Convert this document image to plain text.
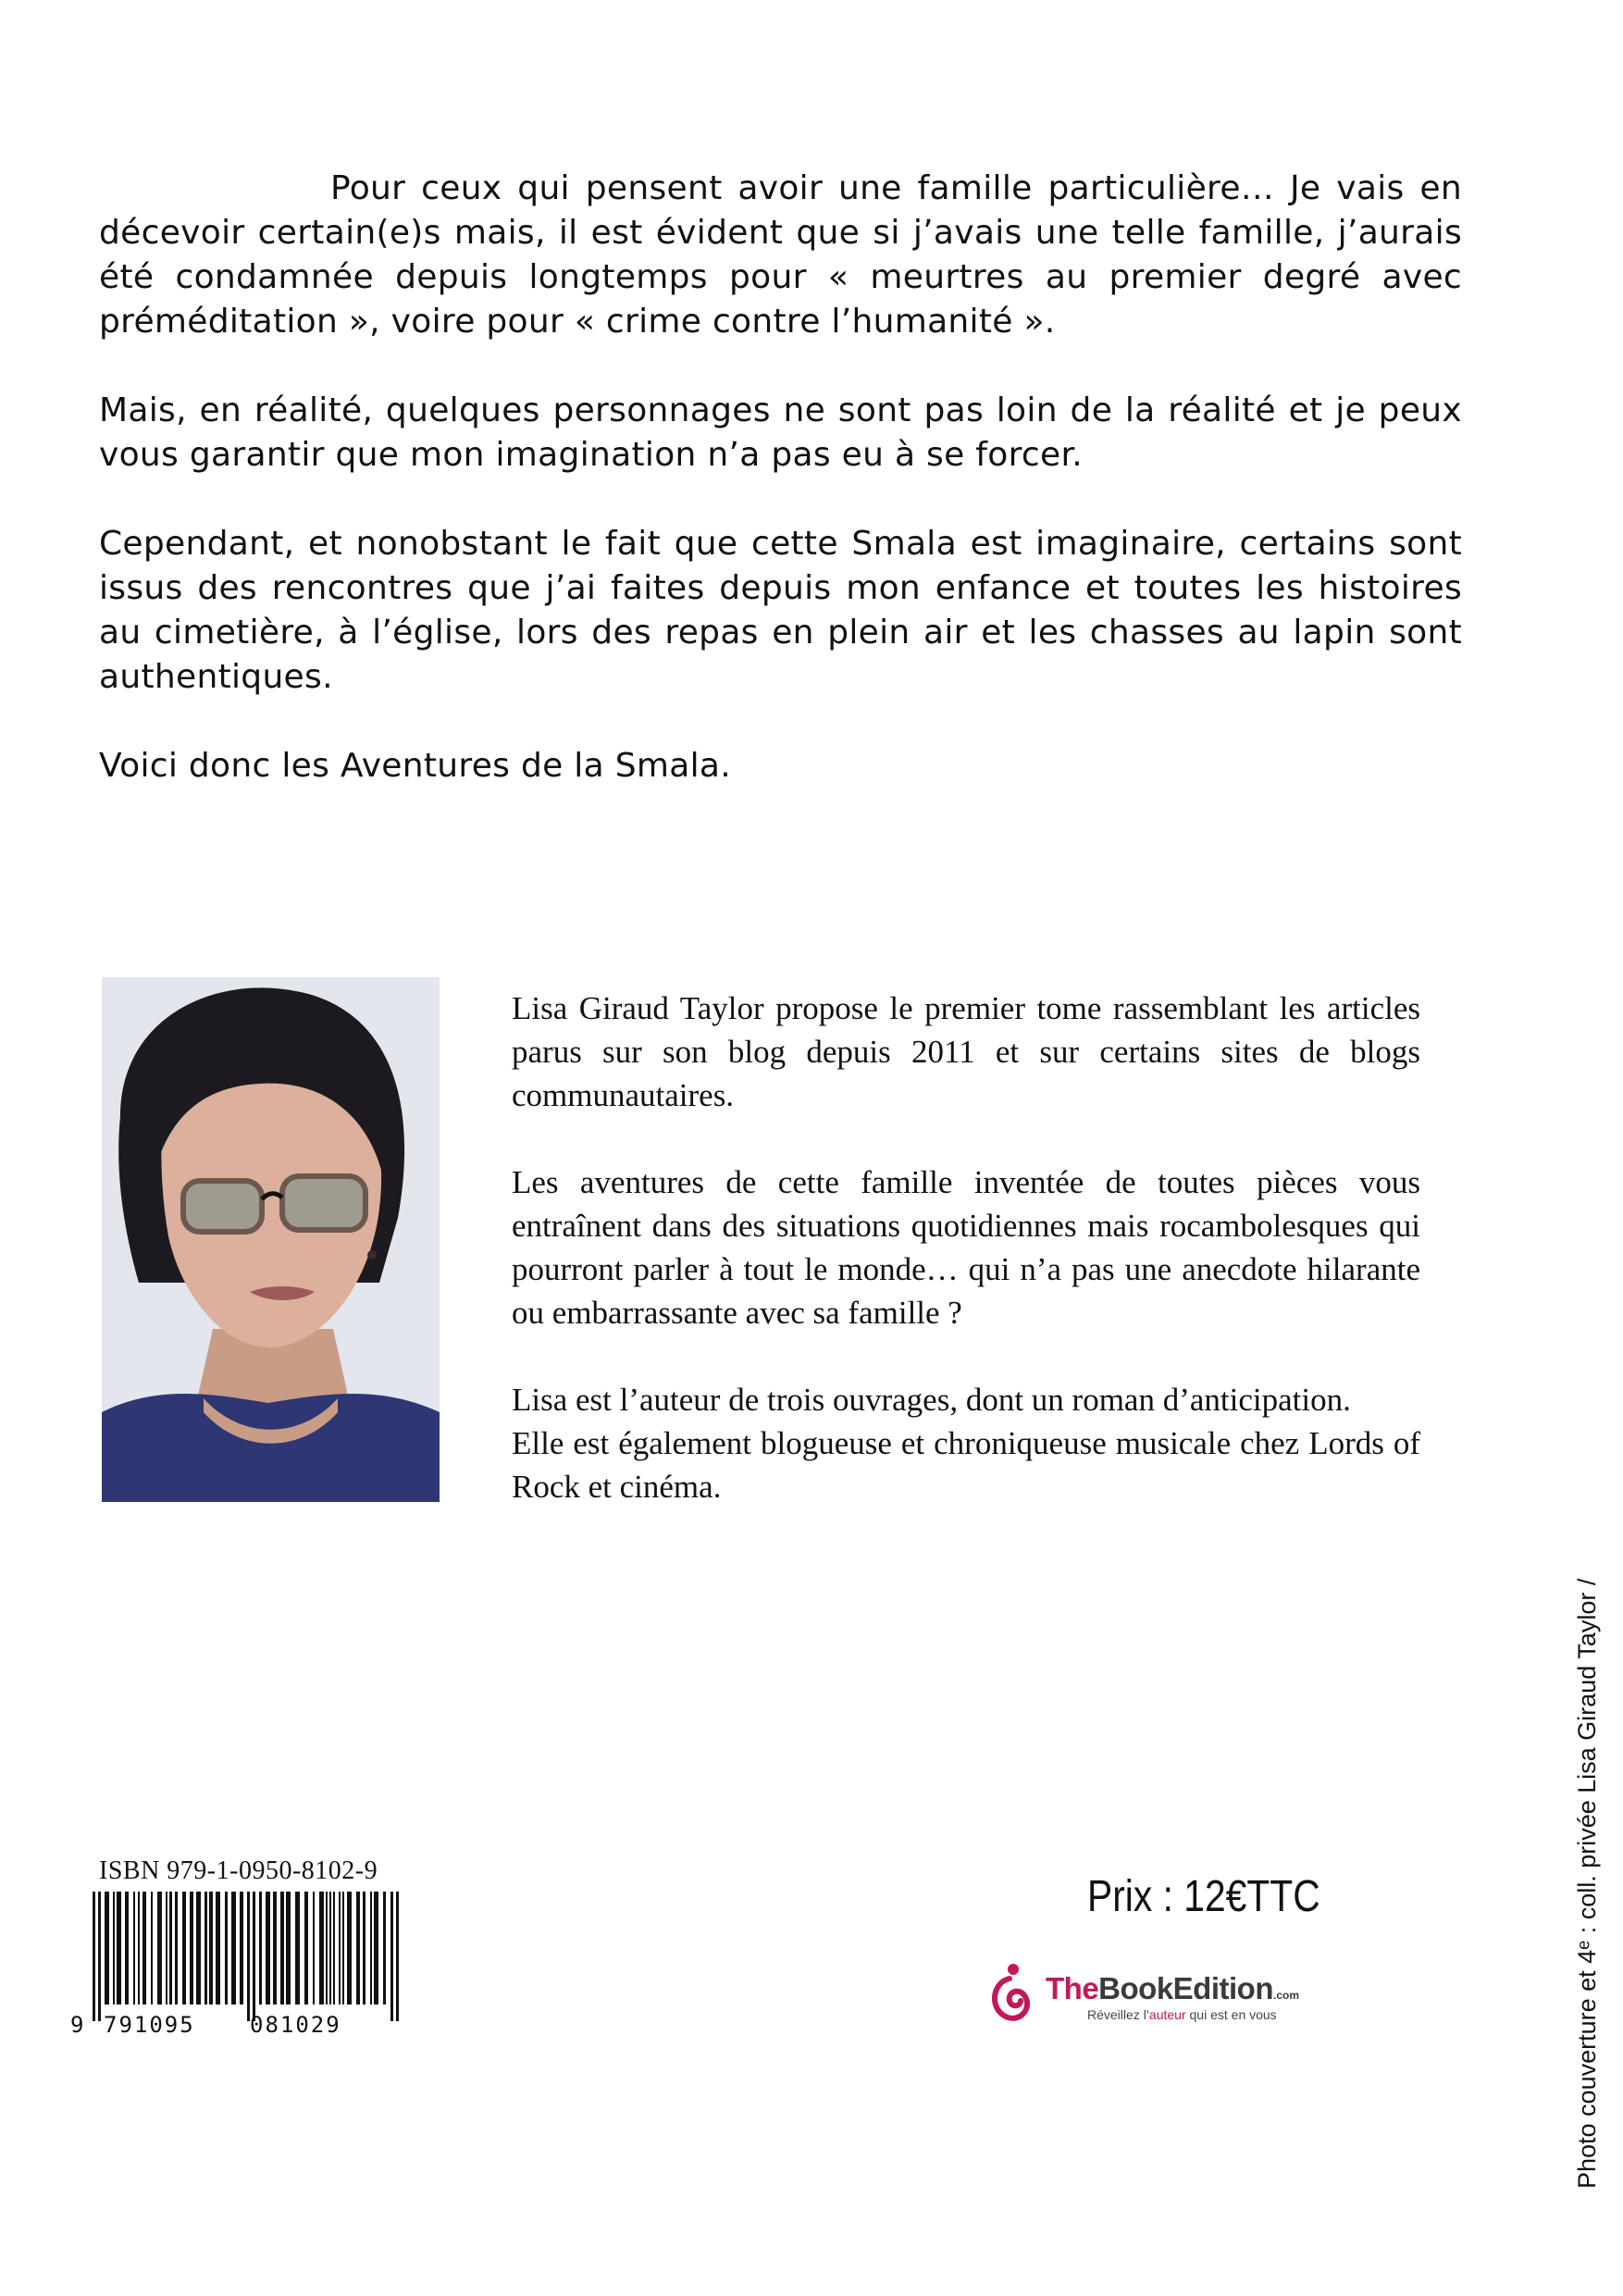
Pour ceux qui pensent avoir une famille particulière… Je vais en décevoir certain(e)s mais, il est évident que si j’avais une telle famille, j’aurais été condamnée depuis longtemps pour « meurtres au premier degré avec préméditation », voire pour « crime contre l’humanité ».

Mais, en réalité, quelques personnages ne sont pas loin de la réalité et je peux vous garantir que mon imagination n’a pas eu à se forcer.

Cependant, et nonobstant le fait que cette Smala est imaginaire, certains sont issus des rencontres que j’ai faites depuis mon enfance et toutes les histoires au cimetière, à l’église, lors des repas en plein air et les chasses au lapin sont authentiques.

Voici donc les Aventures de la Smala.

Lisa Giraud Taylor propose le premier tome rassemblant les articles parus sur son blog depuis 2011 et sur certains sites de blogs communautaires.

Les aventures de cette famille inventée de toutes pièces vous entraînent dans des situations quotidiennes mais rocambolesques qui pourront parler à tout le monde… qui n’a pas une anecdote hilarante ou embarrassante avec sa famille ?

Lisa est l’auteur de trois ouvrages, dont un roman d’anticipation.

Elle est également blogueuse et chroniqueuse musicale chez Lords of Rock et cinéma.

ISBN 979-1-0950-8102-9
9 791095 081029
Prix : 12€TTC
TheBookEdition.com
Réveillez l’auteur qui est en vous	Photo couverture et 4ᵉ : coll. privée Lisa Giraud Taylor /
